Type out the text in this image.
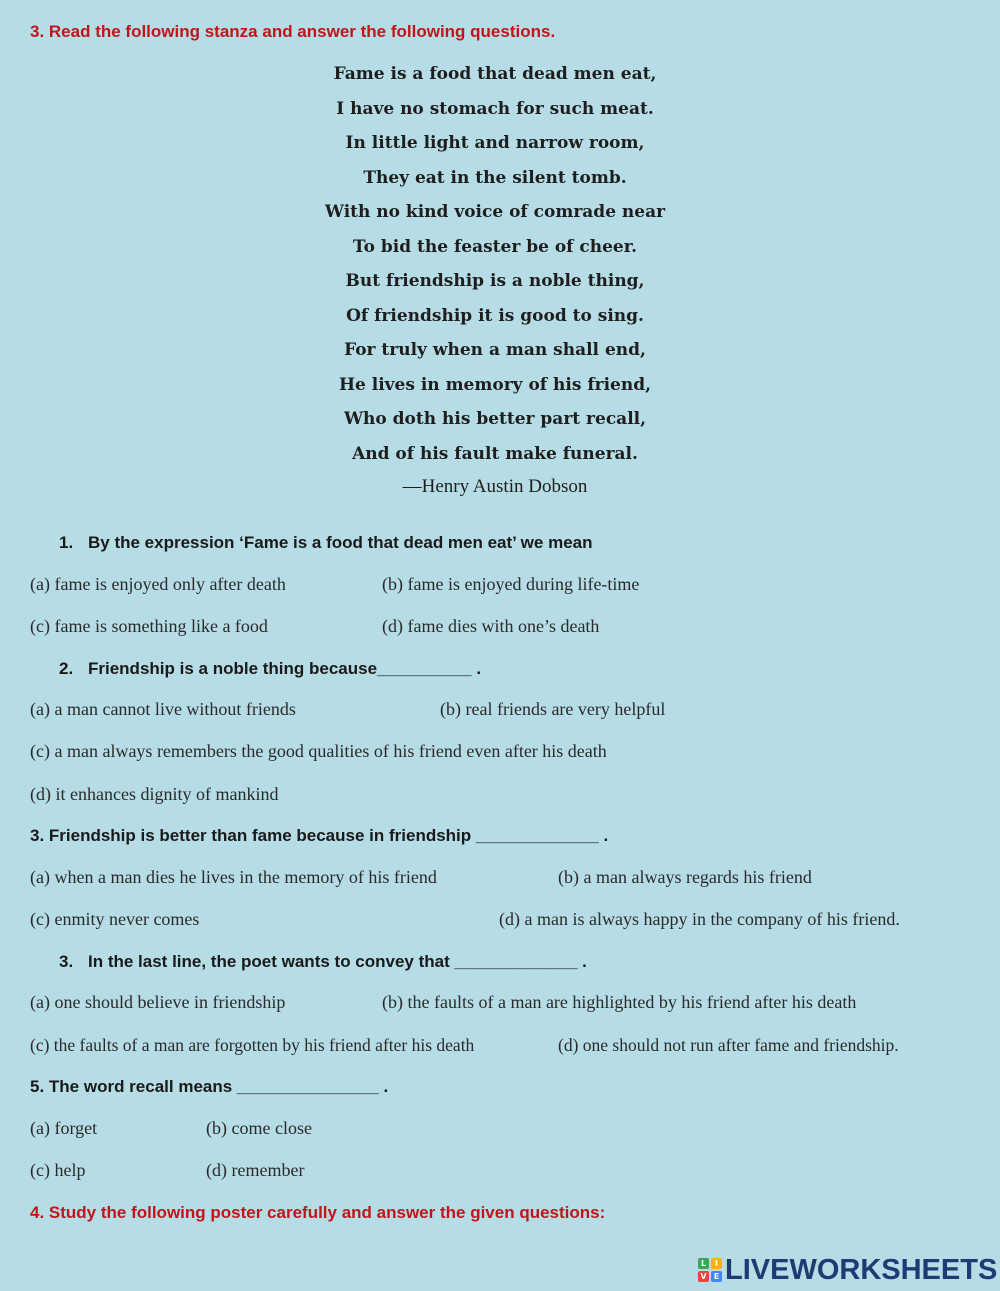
3. Read the following stanza and answer the following questions.
Fame is a food that dead men eat,
I have no stomach for such meat.
In little light and narrow room,
They eat in the silent tomb.
With no kind voice of comrade near
To bid the feaster be of cheer.
But friendship is a noble thing,
Of friendship it is good to sing.
For truly when a man shall end,
He lives in memory of his friend,
Who doth his better part recall,
And of his fault make funeral.
—Henry Austin Dobson
1. By the expression ‘Fame is a food that dead men eat’ we mean
(a) fame is enjoyed only after death	(b) fame is enjoyed during life-time
(c) fame is something like a food	(d) fame dies with one’s death
2. Friendship is a noble thing because__________ .
(a) a man cannot live without friends	(b) real friends are very helpful
(c) a man always remembers the good qualities of his friend even after his death
(d) it enhances dignity of mankind
3. Friendship is better than fame because in friendship _____________ .
(a) when a man dies he lives in the memory of his friend	(b) a man always regards his friend
(c) enmity never comes	(d) a man is always happy in the company of his friend.
3. In the last line, the poet wants to convey that _____________ .
(a) one should believe in friendship	(b) the faults of a man are highlighted by his friend after his death
(c) the faults of a man are forgotten by his friend after his death	(d) one should not run after fame and friendship.
5. The word recall means _______________ .
(a) forget	(b) come close
(c) help	(d) remember
4. Study the following poster carefully and answer the given questions:
L	I
V E LIVEWORKSHEETS
